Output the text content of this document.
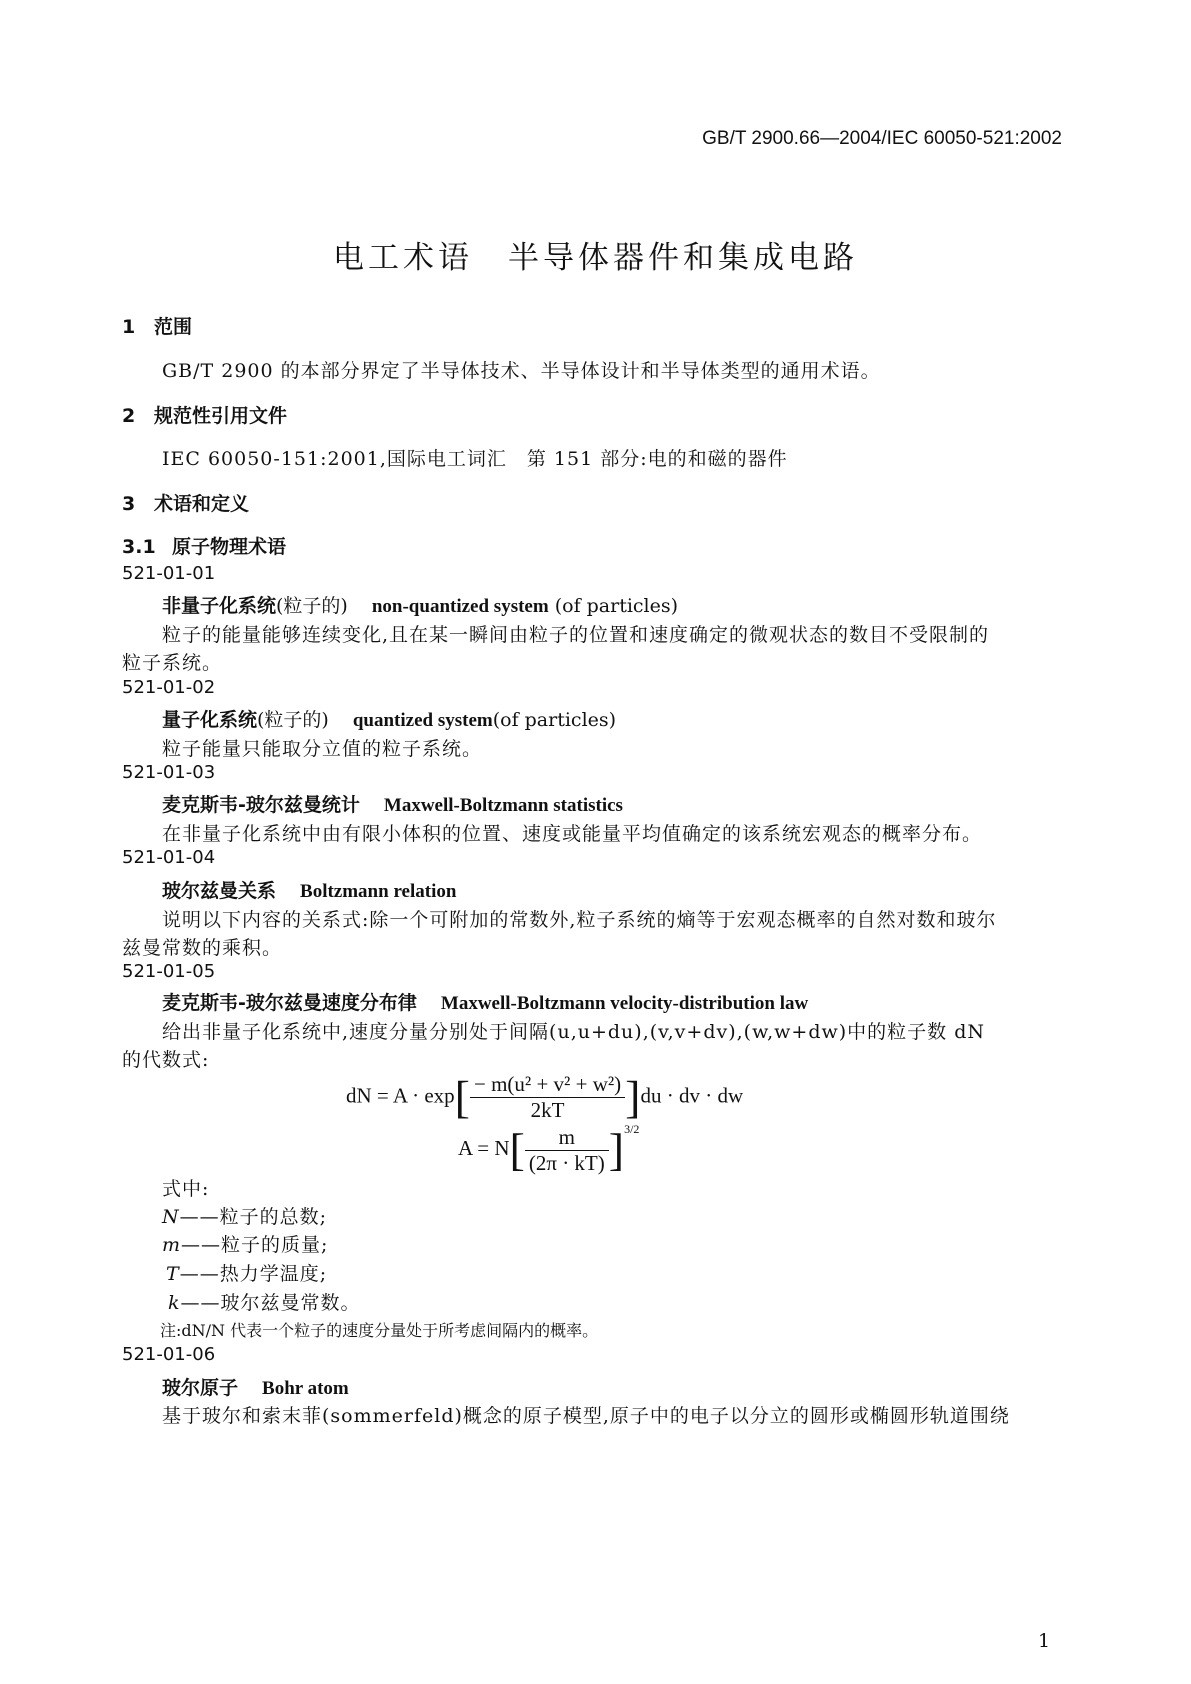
GB/T 2900.66—2004/IEC 60050-521:2002
电工术语　半导体器件和集成电路
1 范围
GB/T 2900 的本部分界定了半导体技术、半导体设计和半导体类型的通用术语。
2 规范性引用文件
IEC 60050-151:2001,国际电工词汇　第 151 部分:电的和磁的器件
3 术语和定义
3.1 原子物理术语
521-01-01
非量子化系统(粒子的) non-quantized system (of particles)
粒子的能量能够连续变化,且在某一瞬间由粒子的位置和速度确定的微观状态的数目不受限制的
粒子系统。
521-01-02
量子化系统(粒子的) quantized system(of particles)
粒子能量只能取分立值的粒子系统。
521-01-03
麦克斯韦-玻尔兹曼统计 Maxwell-Boltzmann statistics
在非量子化系统中由有限小体积的位置、速度或能量平均值确定的该系统宏观态的概率分布。
521-01-04
玻尔兹曼关系 Boltzmann relation
说明以下内容的关系式:除一个可附加的常数外,粒子系统的熵等于宏观态概率的自然对数和玻尔
兹曼常数的乘积。
521-01-05
麦克斯韦-玻尔兹曼速度分布律 Maxwell-Boltzmann velocity-distribution law
给出非量子化系统中,速度分量分别处于间隔(u,u+du),(v,v+dv),(w,w+dw)中的粒子数 dN
的代数式:
dN = $A \cdot \exp[ \frac{\text{− m(u² + v² + w²)}}{2kT} ]du$ · dv · dw
$A = N[ \frac{m}{(2\pi \cdot kT)} ]^{3/2}$
式中:
N——粒子的总数;
m——粒子的质量;
T——热力学温度;
k——玻尔兹曼常数。
注:dN/N 代表一个粒子的速度分量处于所考虑间隔内的概率。
521-01-06
玻尔原子 Bohr atom
基于玻尔和索末菲(sommerfeld)概念的原子模型,原子中的电子以分立的圆形或椭圆形轨道围绕
1
